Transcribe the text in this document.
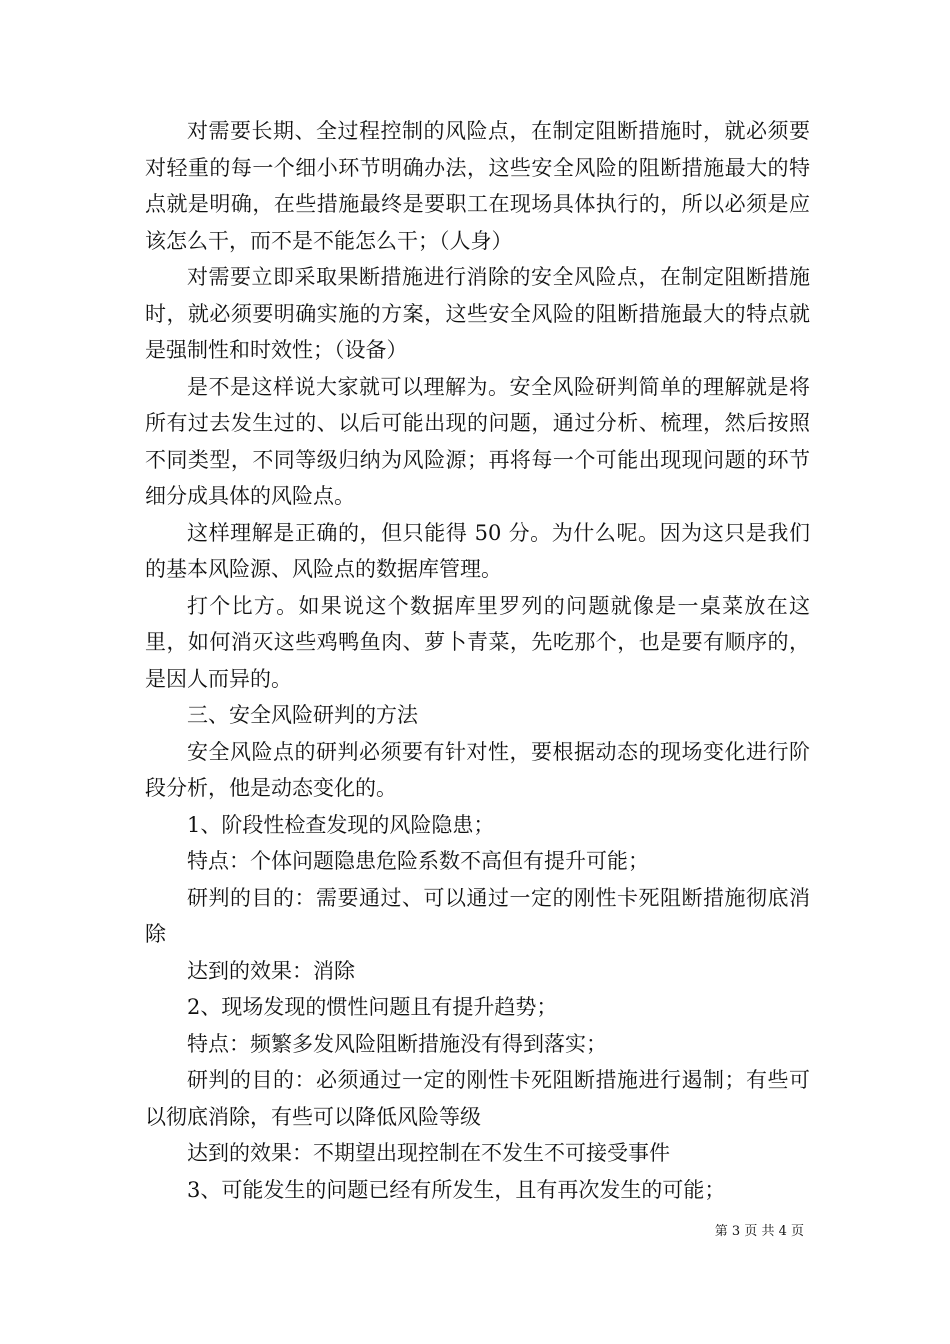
对需要长期、全过程控制的风险点，在制定阻断措施时，就必须要对轻重的每一个细小环节明确办法，这些安全风险的阻断措施最大的特点就是明确，在些措施最终是要职工在现场具体执行的，所以必须是应该怎么干，而不是不能怎么干；（人身）

对需要立即采取果断措施进行消除的安全风险点，在制定阻断措施时，就必须要明确实施的方案，这些安全风险的阻断措施最大的特点就是强制性和时效性；（设备）

是不是这样说大家就可以理解为。安全风险研判简单的理解就是将所有过去发生过的、以后可能出现的问题，通过分析、梳理，然后按照不同类型，不同等级归纳为风险源；再将每一个可能出现现问题的环节细分成具体的风险点。

这样理解是正确的，但只能得 50 分。为什么呢。因为这只是我们的基本风险源、风险点的数据库管理。

打个比方。如果说这个数据库里罗列的问题就像是一桌菜放在这里，如何消灭这些鸡鸭鱼肉、萝卜青菜，先吃那个，也是要有顺序的，是因人而异的。

三、安全风险研判的方法

安全风险点的研判必须要有针对性，要根据动态的现场变化进行阶段分析，他是动态变化的。

1、阶段性检查发现的风险隐患；

特点：个体问题隐患危险系数不高但有提升可能；

研判的目的：需要通过、可以通过一定的刚性卡死阻断措施彻底消除

达到的效果：消除

2、现场发现的惯性问题且有提升趋势；

特点：频繁多发风险阻断措施没有得到落实；

研判的目的：必须通过一定的刚性卡死阻断措施进行遏制；有些可以彻底消除，有些可以降低风险等级

达到的效果：不期望出现控制在不发生不可接受事件

3、可能发生的问题已经有所发生，且有再次发生的可能；

第 3 页 共 4 页
